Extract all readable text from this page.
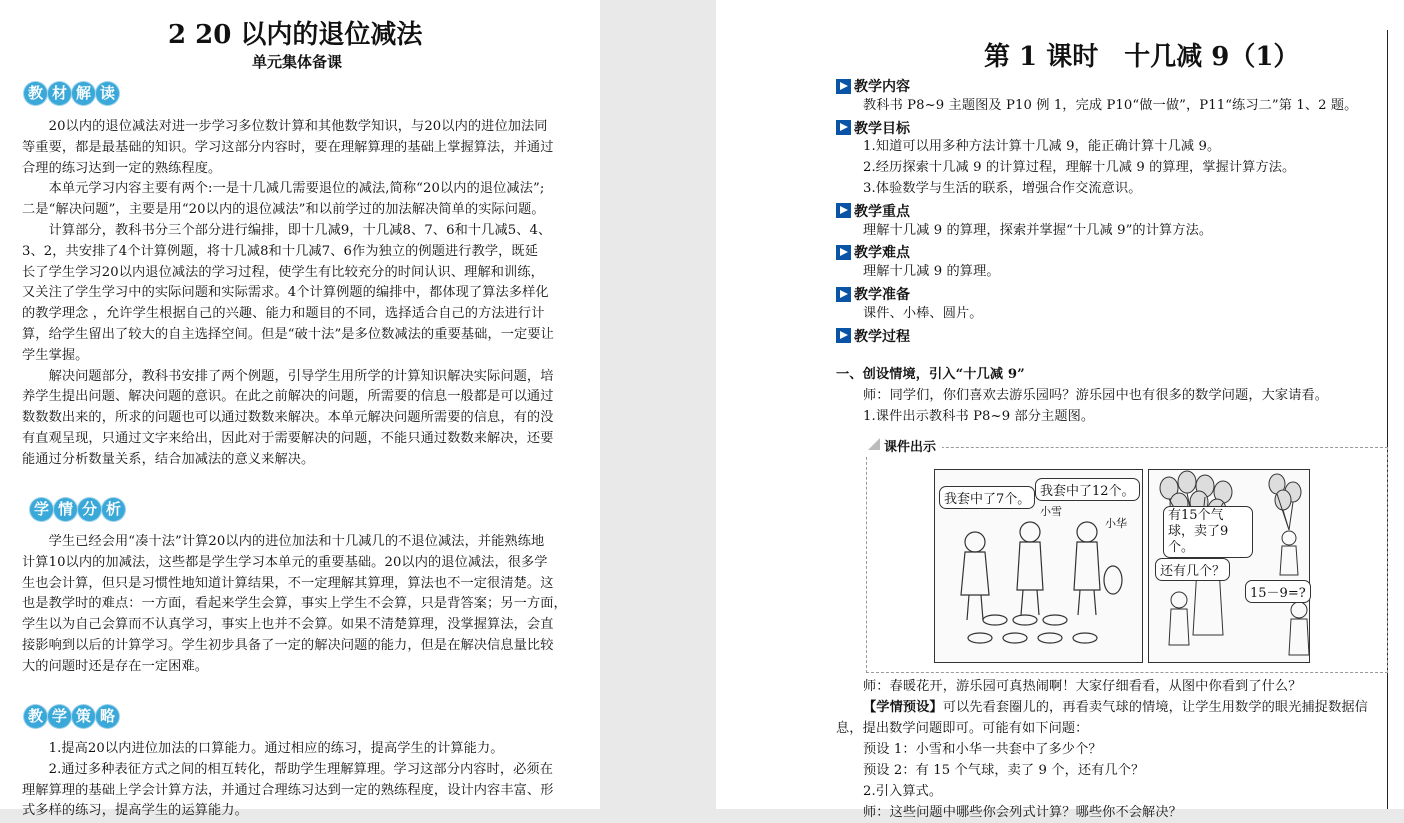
2 20 以内的退位减法
单元集体备课
教 材 解 读
　　20以内的退位减法对进一步学习多位数计算和其他数学知识，与20以内的进位加法同
等重要，都是最基础的知识。学习这部分内容时，要在理解算理的基础上掌握算法，并通过
合理的练习达到一定的熟练程度。
　　本单元学习内容主要有两个:一是十几减几需要退位的减法,简称“20以内的退位减法”;
二是“解决问题”，主要是用“20以内的退位减法”和以前学过的加法解决简单的实际问题。
　　计算部分，教科书分三个部分进行编排，即十几减9，十几减8、7、6和十几减5、4、
3、2，共安排了4个计算例题，将十几减8和十几减7、6作为独立的例题进行教学，既延
长了学生学习20以内退位减法的学习过程，使学生有比较充分的时间认识、理解和训练，
又关注了学生学习中的实际问题和实际需求。4个计算例题的编排中，都体现了算法多样化
的教学理念 ，允许学生根据自己的兴趣、能力和题目的不同，选择适合自己的方法进行计
算，给学生留出了较大的自主选择空间。但是“破十法”是多位数减法的重要基础，一定要让
学生掌握。
　　解决问题部分，教科书安排了两个例题，引导学生用所学的计算知识解决实际问题，培
养学生提出问题、解决问题的意识。在此之前解决的问题，所需要的信息一般都是可以通过
数数数出来的，所求的问题也可以通过数数来解决。本单元解决问题所需要的信息，有的没
有直观呈现，只通过文字来给出，因此对于需要解决的问题，不能只通过数数来解决，还要
能通过分析数量关系，结合加减法的意义来解决。
学 情 分 析
　　学生已经会用“凑十法”计算20以内的进位加法和十几减几的不退位减法，并能熟练地
计算10以内的加减法，这些都是学生学习本单元的重要基础。20以内的退位减法，很多学
生也会计算，但只是习惯性地知道计算结果，不一定理解其算理，算法也不一定很清楚。这
也是教学时的难点：一方面，看起来学生会算，事实上学生不会算，只是背答案；另一方面，
学生以为自己会算而不认真学习，事实上也并不会算。如果不清楚算理，没掌握算法，会直
接影响到以后的计算学习。学生初步具备了一定的解决问题的能力，但是在解决信息量比较
大的问题时还是存在一定困难。
教 学 策 略
　　1.提高20以内进位加法的口算能力。通过相应的练习，提高学生的计算能力。
　　2.通过多种表征方式之间的相互转化，帮助学生理解算理。学习这部分内容时，必须在
理解算理的基础上学会计算方法，并通过合理练习达到一定的熟练程度，设计内容丰富、形
式多样的练习，提高学生的运算能力。
第 1 课时　十几减 9（1）
教学内容
教科书 P8~9 主题图及 P10 例 1，完成 P10“做一做”，P11“练习二”第 1、2 题。
教学目标
1.知道可以用多种方法计算十几减 9，能正确计算十几减 9。
2.经历探索十几减 9 的计算过程，理解十几减 9 的算理，掌握计算方法。
3.体验数学与生活的联系，增强合作交流意识。
教学重点
理解十几减 9 的算理，探索并掌握“十几减 9”的计算方法。
教学难点
理解十几减 9 的算理。
教学准备
课件、小棒、圆片。
教学过程
一、创设情境，引入“十几减 9”
师：同学们，你们喜欢去游乐园吗？游乐园中也有很多的数学问题，大家请看。
1.课件出示教科书 P8~9 部分主题图。
课件出示
我套中了7个。
我套中了12个。
小雪
小华
有15个气球，卖了9个。
还有几个？
15－9=?
师：春暖花开，游乐园可真热闹啊！大家仔细看看，从图中你看到了什么？
【学情预设】可以先看套圈儿的，再看卖气球的情境，让学生用数学的眼光捕捉数据信
息，提出数学问题即可。可能有如下问题：
预设 1：小雪和小华一共套中了多少个？
预设 2：有 15 个气球，卖了 9 个，还有几个？
2.引入算式。
师：这些问题中哪些你会列式计算？哪些你不会解决？
